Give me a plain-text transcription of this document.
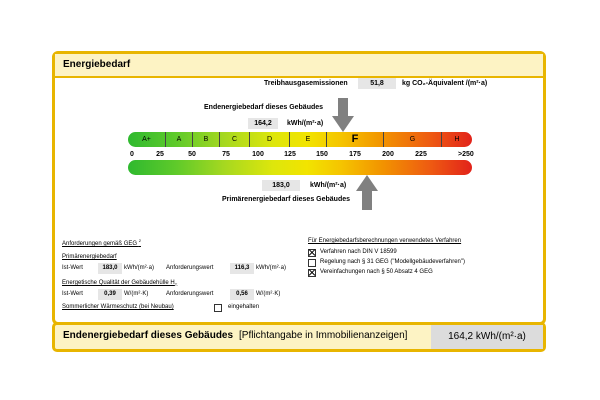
Energiebedarf
Treibhausgasemissionen	51,8	kg CO₂-Äquivalent /(m²·a)
Endenergiebedarf dieses Gebäudes
164,2	kWh/(m²·a)
A+	A	B	C	D	E	F	G	H
0	25	50	75	100	125	150	175	200	225	>250
183,0	kWh/(m²·a)
Primärenergiebedarf dieses Gebäudes
Anforderungen gemäß GEG $^2$
Primärenergiebedarf
Ist-Wert	183,0	kWh/(m²·a) Anforderungswert	116,3	kWh/(m²·a)
Energetische Qualität der Gebäudehülle $H_T$
Ist-Wert	0,39	W/(m²·K)	Anforderungswert	0,56	W/(m²·K)
Sommerlicher Wärmeschutz (bei Neubau)	eingehalten
Für Energiebedarfsberechnungen verwendetes Verfahren
Verfahren nach DIN V 18599
Regelung nach § 31 GEG ("Modellgebäudeverfahren")
Vereinfachungen nach § 50 Absatz 4 GEG
Endenergiebedarf dieses Gebäudes [Pflichtangabe in Immobilienanzeigen]	164,2 kWh/(m²·a)
